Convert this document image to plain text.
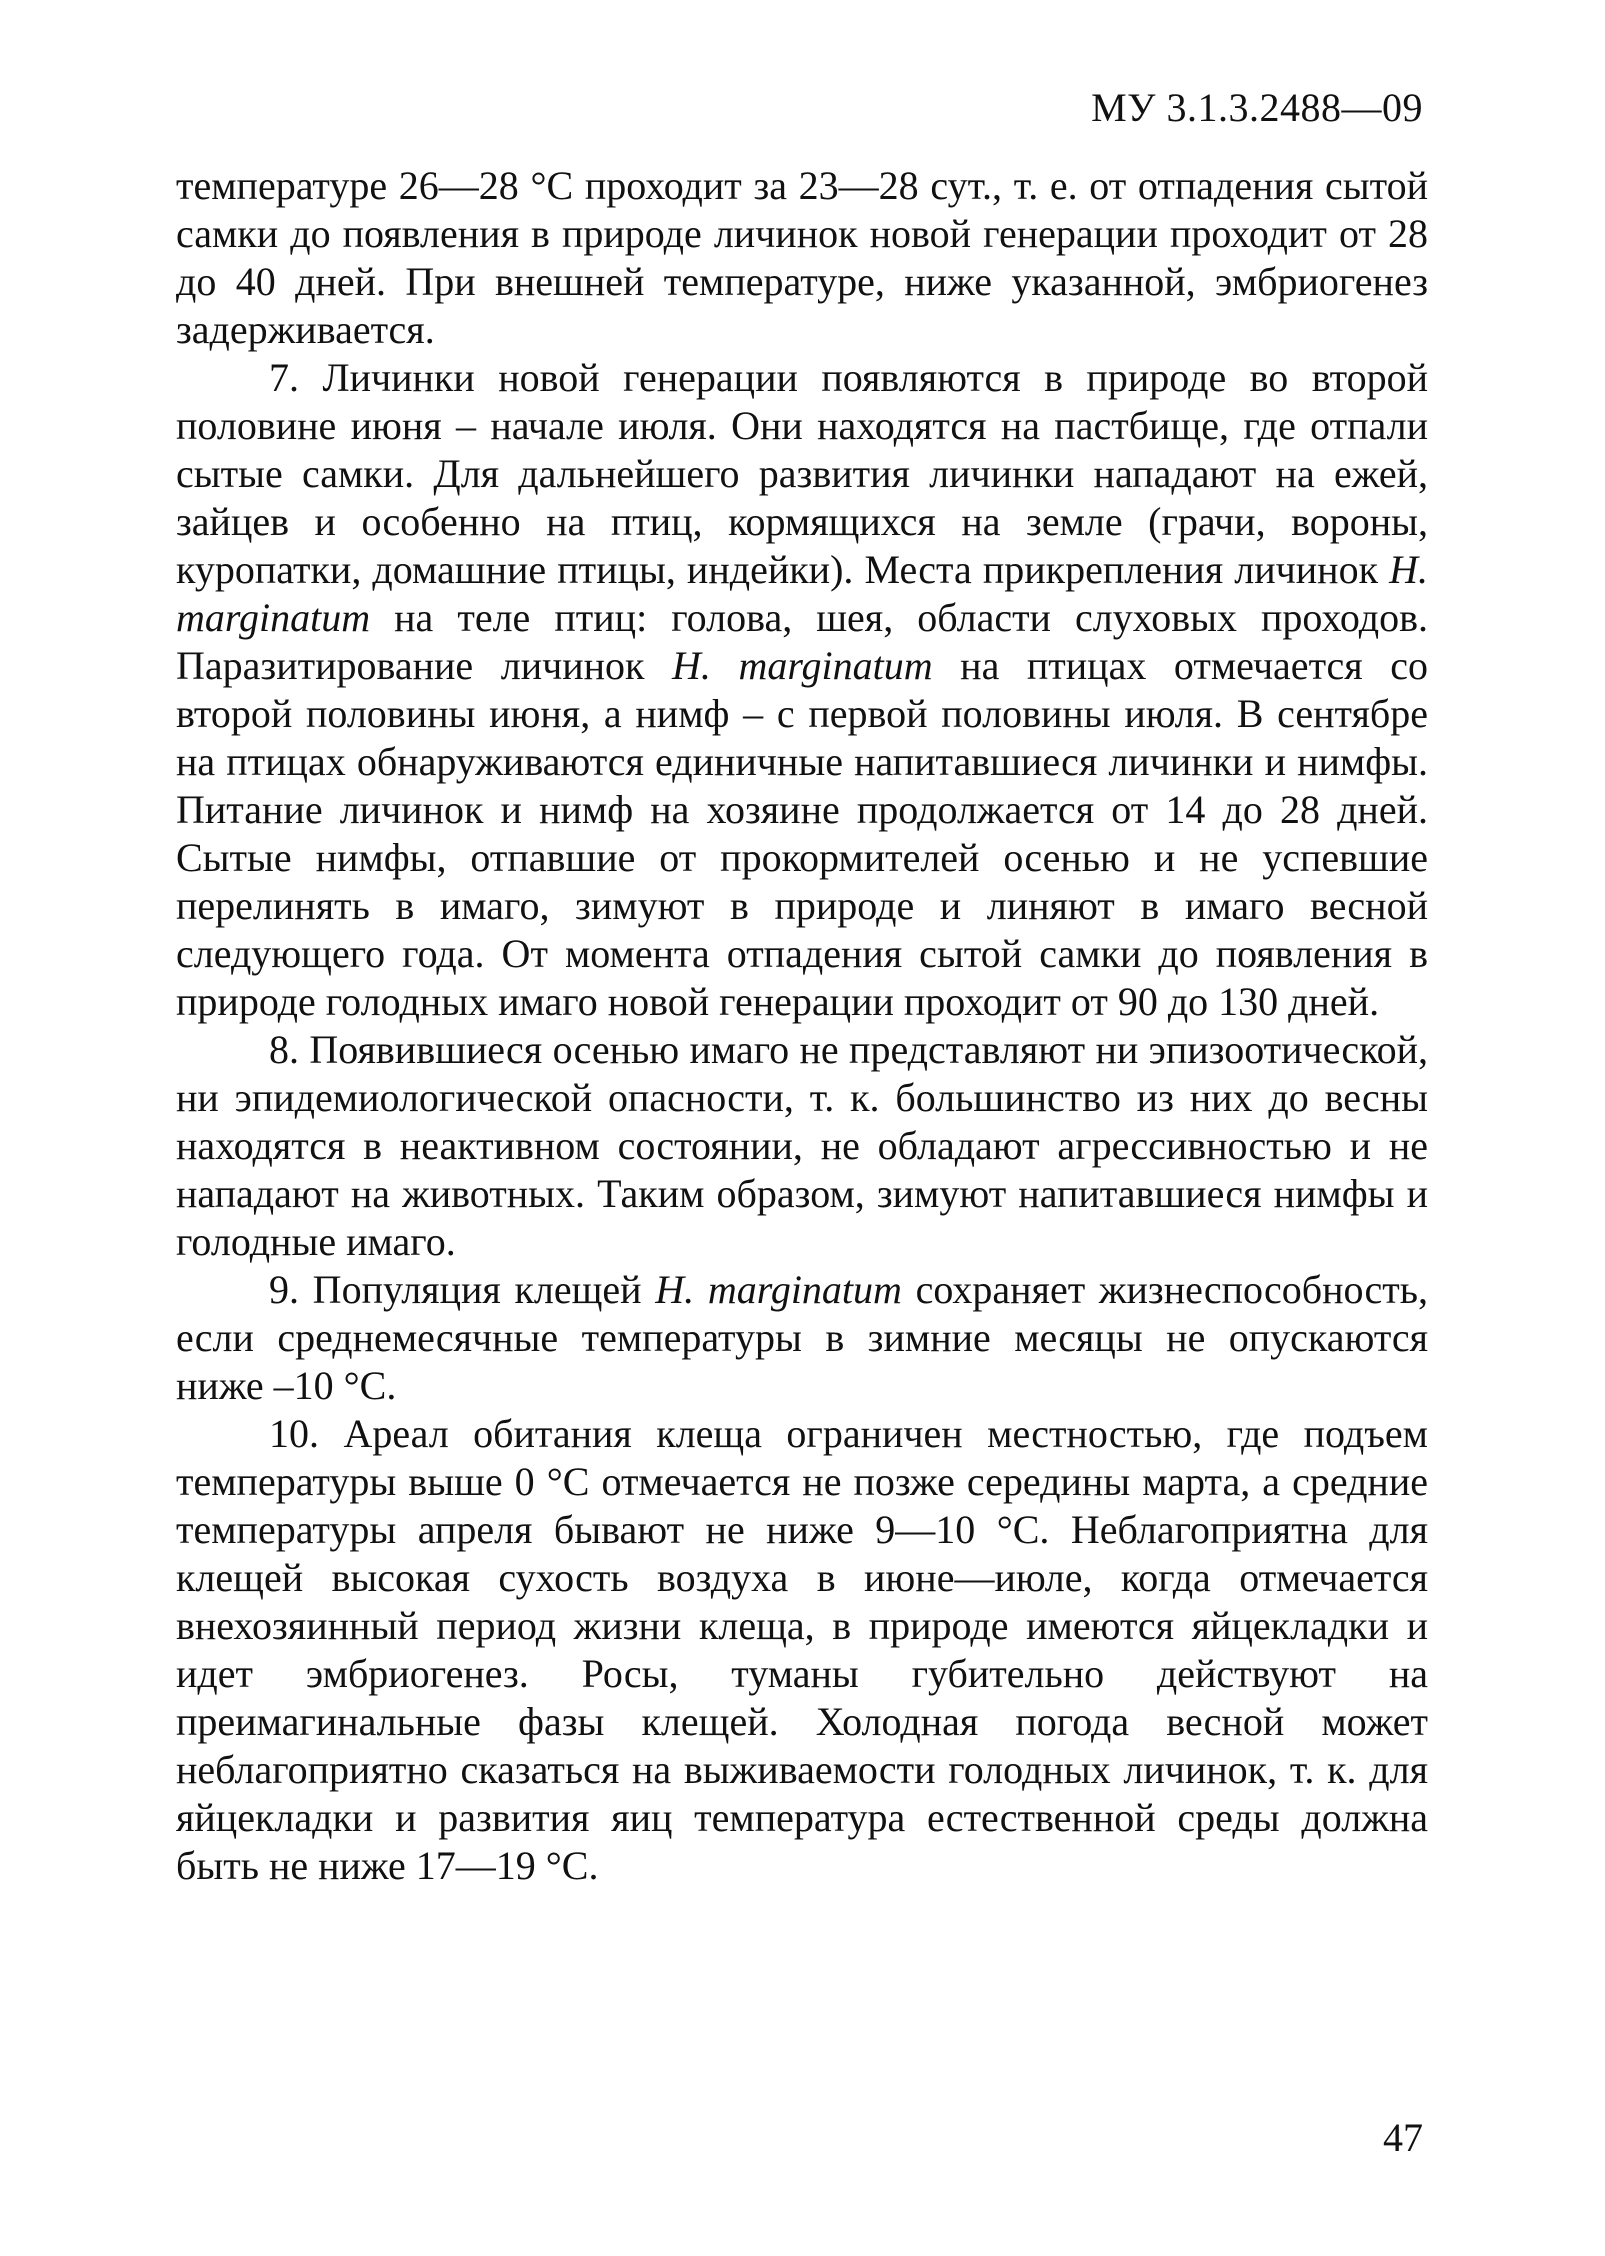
МУ 3.1.3.2488—09

температуре 26—28 °С проходит за 23—28 сут., т. е. от отпадения сытой самки до появления в природе личинок новой генерации проходит от 28 до 40 дней. При внешней температуре, ниже указанной, эмбриогенез задерживается.

7. Личинки новой генерации появляются в природе во второй половине июня – начале июля. Они находятся на пастбище, где отпали сытые самки. Для дальнейшего развития личинки нападают на ежей, зайцев и особенно на птиц, кормящихся на земле (грачи, вороны, куропатки, домашние птицы, индейки). Места прикрепления личинок H. marginatum на теле птиц: голова, шея, области слуховых проходов. Паразитирование личинок H. marginatum на птицах отмечается со второй половины июня, а нимф – с первой половины июля. В сентябре на птицах обнаруживаются единичные напитавшиеся личинки и нимфы. Питание личинок и нимф на хозяине продолжается от 14 до 28 дней. Сытые нимфы, отпавшие от прокормителей осенью и не успевшие перелинять в имаго, зимуют в природе и линяют в имаго весной следующего года. От момента отпадения сытой самки до появления в природе голодных имаго новой генерации проходит от 90 до 130 дней.

8. Появившиеся осенью имаго не представляют ни эпизоотической, ни эпидемиологической опасности, т. к. большинство из них до весны находятся в неактивном состоянии, не обладают агрессивностью и не нападают на животных. Таким образом, зимуют напитавшиеся нимфы и голодные имаго.

9. Популяция клещей H. marginatum сохраняет жизнеспособность, если среднемесячные температуры в зимние месяцы не опускаются ниже –10 °С.

10. Ареал обитания клеща ограничен местностью, где подъем температуры выше 0 °С отмечается не позже середины марта, а средние температуры апреля бывают не ниже 9—10 °С. Неблагоприятна для клещей высокая сухость воздуха в июне—июле, когда отмечается внехозяинный период жизни клеща, в природе имеются яйцекладки и идет эмбриогенез. Росы, туманы губительно действуют на преимагинальные фазы клещей. Холодная погода весной может неблагоприятно сказаться на выживаемости голодных личинок, т. к. для яйцекладки и развития яиц температура естественной среды должна быть не ниже 17—19 °С.

47
